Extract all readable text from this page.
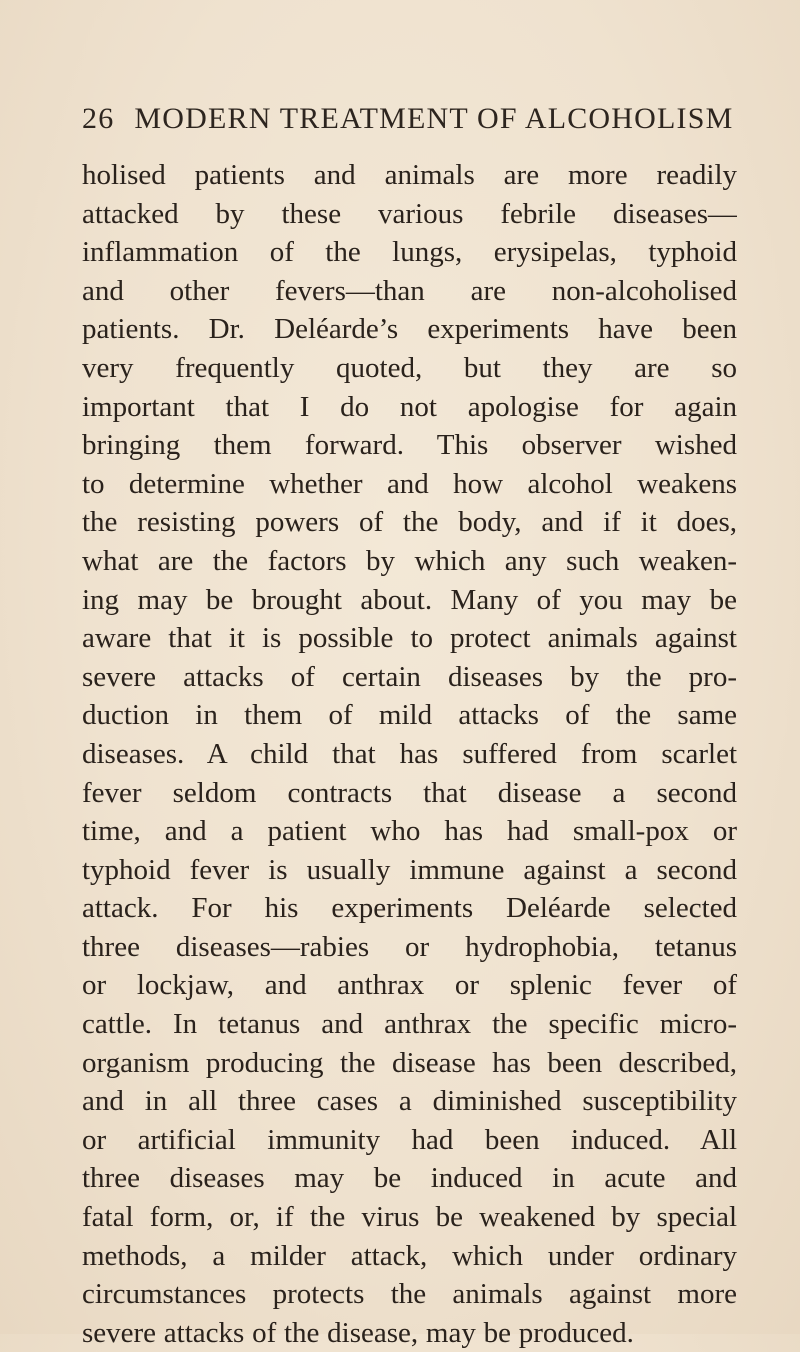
26 MODERN TREATMENT OF ALCOHOLISM
holised patients and animals are more readily
attacked by these various febrile diseases—
inflammation of the lungs, erysipelas, typhoid
and other fevers—than are non-alcoholised
patients. Dr. Deléarde’s experiments have been
very frequently quoted, but they are so
important that I do not apologise for again
bringing them forward. This observer wished
to determine whether and how alcohol weakens
the resisting powers of the body, and if it does,
what are the factors by which any such weaken-
ing may be brought about. Many of you may be
aware that it is possible to protect animals against
severe attacks of certain diseases by the pro-
duction in them of mild attacks of the same
diseases. A child that has suffered from scarlet
fever seldom contracts that disease a second
time, and a patient who has had small-pox or
typhoid fever is usually immune against a second
attack. For his experiments Deléarde selected
three diseases—rabies or hydrophobia, tetanus
or lockjaw, and anthrax or splenic fever of
cattle. In tetanus and anthrax the specific micro-
organism producing the disease has been described,
and in all three cases a diminished susceptibility
or artificial immunity had been induced. All
three diseases may be induced in acute and
fatal form, or, if the virus be weakened by special
methods, a milder attack, which under ordinary
circumstances protects the animals against more
severe attacks of the disease, may be produced.
